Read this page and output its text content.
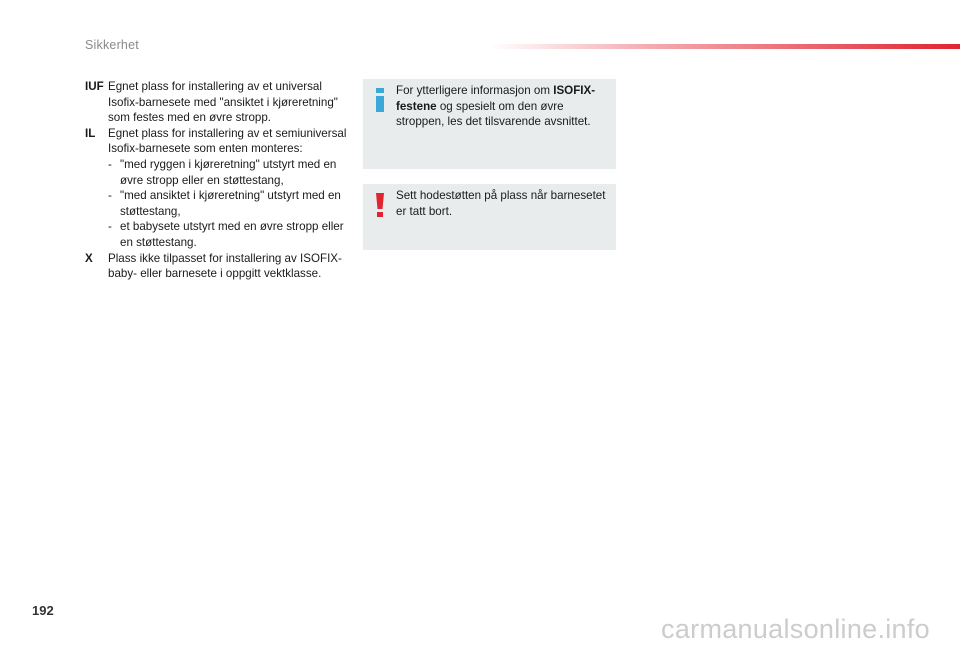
Sikkerhet
IUF Egnet plass for installering av et universal Isofix-barnesete med "ansiktet i kjøreretning" som festes med en øvre stropp.
IL	Egnet plass for installering av et semiuniversal Isofix-barnesete som enten monteres:
- "med ryggen i kjøreretning" utstyrt med en øvre stropp eller en støttestang,
- "med ansiktet i kjøreretning" utstyrt med en støttestang,
- et babysete utstyrt med en øvre stropp eller en støttestang.
X	Plass ikke tilpasset for installering av ISOFIX-baby- eller barnesete i oppgitt vektklasse.
For ytterligere informasjon om ISOFIX-festene og spesielt om den øvre stroppen, les det tilsvarende avsnittet.
Sett hodestøtten på plass når barnesetet er tatt bort.
192
carmanualsonline.info
